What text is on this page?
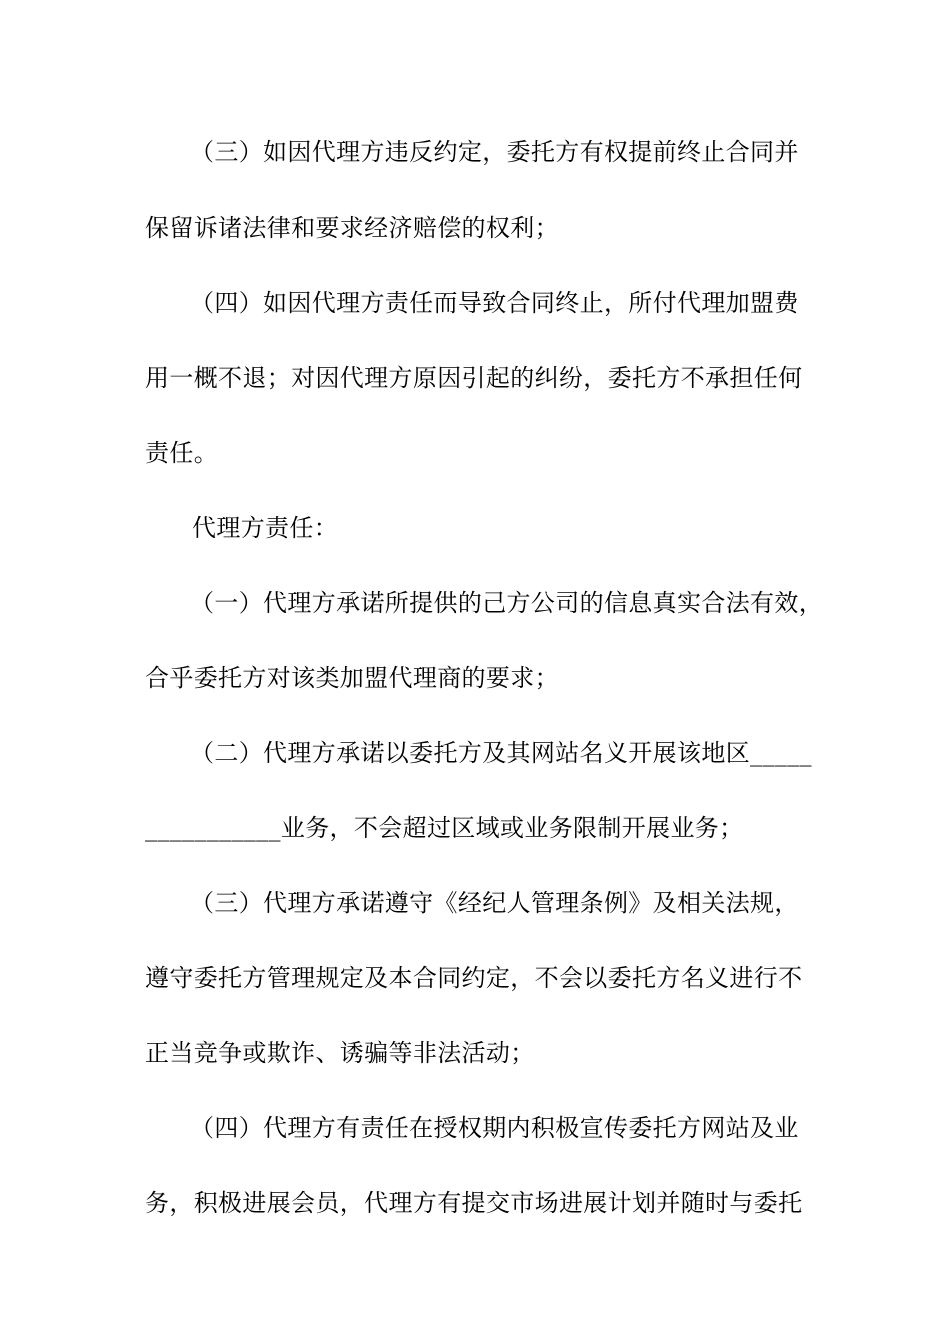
（三）如因代理方违反约定，委托方有权提前终止合同并
保留诉诸法律和要求经济赔偿的权利；
（四）如因代理方责任而导致合同终止，所付代理加盟费
用一概不退；对因代理方原因引起的纠纷，委托方不承担任何
责任。
代理方责任：
（一）代理方承诺所提供的己方公司的信息真实合法有效，
合乎委托方对该类加盟代理商的要求；
（二）代理方承诺以委托方及其网站名义开展该地区_____
___________业务，不会超过区域或业务限制开展业务；
（三）代理方承诺遵守《经纪人管理条例》及相关法规，
遵守委托方管理规定及本合同约定，不会以委托方名义进行不
正当竞争或欺诈、诱骗等非法活动；
（四）代理方有责任在授权期内积极宣传委托方网站及业
务，积极进展会员，代理方有提交市场进展计划并随时与委托
